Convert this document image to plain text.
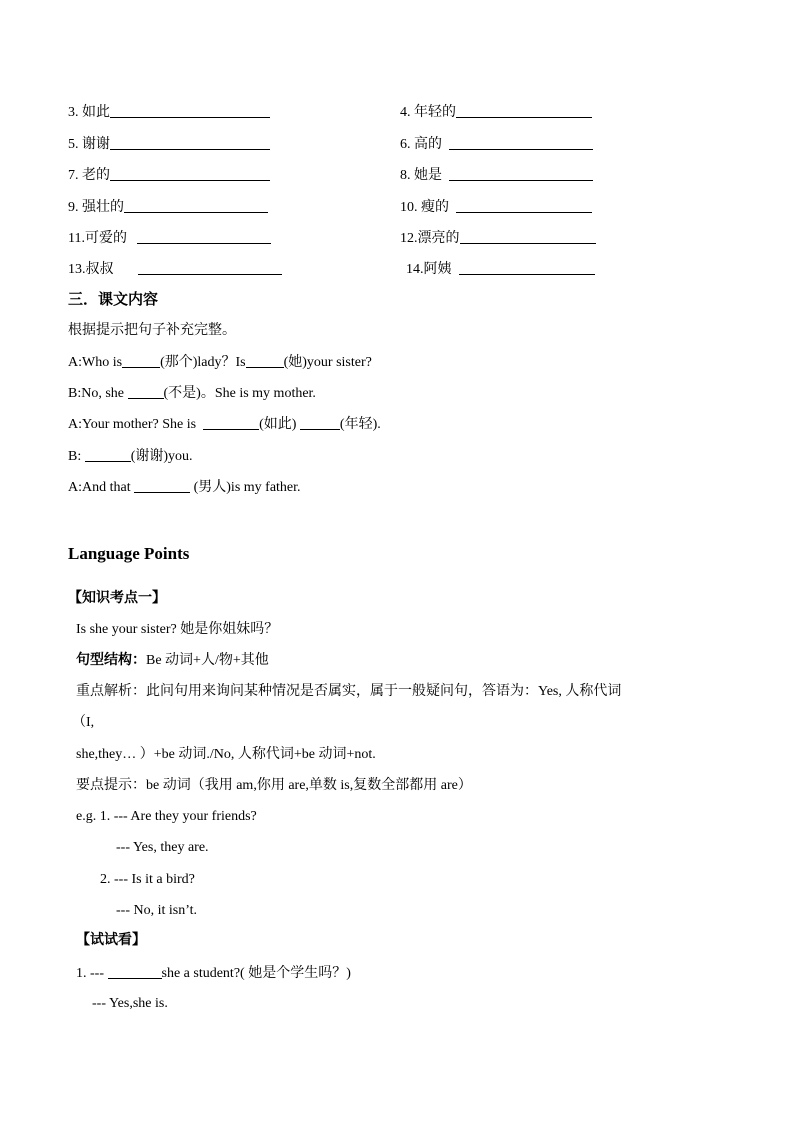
3. 如此	4. 年轻的
5. 谢谢	6. 高的
7. 老的	8. 她是
9. 强壮的	10. 瘦的
11.可爱的	12.漂亮的
13.叔叔	14.阿姨
三．课文内容
根据提示把句子补充完整。
A:Who is	(那个)lady？Is	(她)your sister?
B:No, she	(不是)。She is my mother.
A:Your mother? She is	(如此)	(年轻).
B:	(谢谢)you.
A:And that	(男人)is my father.
Language Points
【知识考点一】
Is she your sister? 她是你姐妹吗？
句型结构：Be 动词+人/物+其他
重点解析：此问句用来询问某种情况是否属实，属于一般疑问句，答语为：Yes, 人称代词
（I,
she,they… ）+be 动词./No, 人称代词+be 动词+not.
要点提示：be 动词（我用 am,你用 are,单数 is,复数全部都用 are）
e.g. 1. --- Are they your friends?
--- Yes, they are.
2. --- Is it a bird?
--- No, it isn’t.
【试试看】
1. ---	she a student?( 她是个学生吗？)
--- Yes,she is.
